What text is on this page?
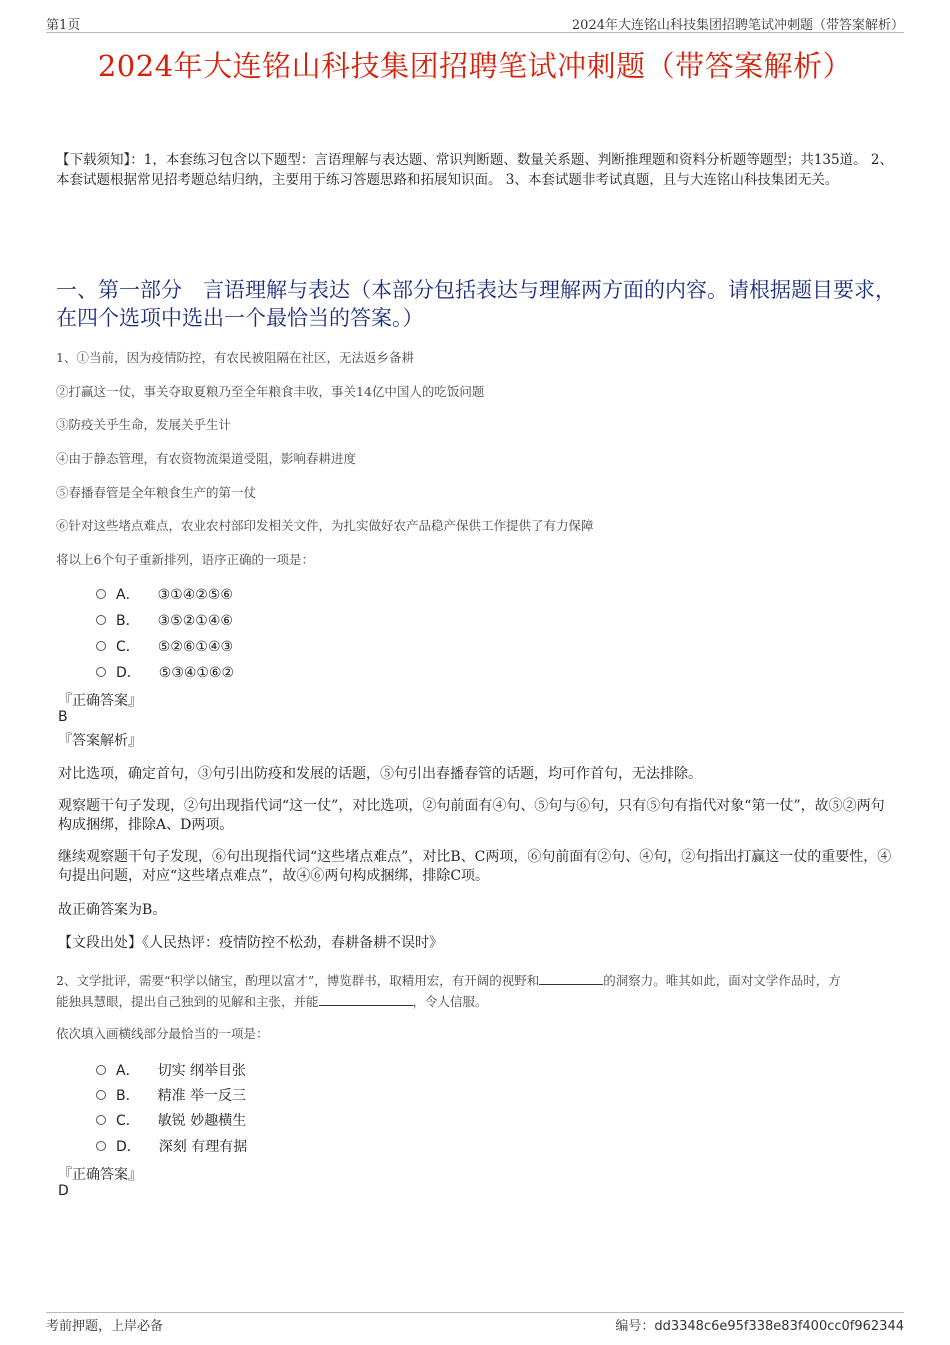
第1页	2024年大连铭山科技集团招聘笔试冲刺题（带答案解析）
2024年大连铭山科技集团招聘笔试冲刺题（带答案解析）
【下载须知】：1，本套练习包含以下题型：言语理解与表达题、常识判断题、数量关系题、判断推理题和资料分析题等题型；共135道。 2、本套试题根据常见招考题总结归纳，主要用于练习答题思路和拓展知识面。 3、本套试题非考试真题，且与大连铭山科技集团无关。
一、第一部分　言语理解与表达（本部分包括表达与理解两方面的内容。请根据题目要求，在四个选项中选出一个最恰当的答案。）
1、①当前，因为疫情防控，有农民被阻隔在社区，无法返乡备耕
②打赢这一仗，事关夺取夏粮乃至全年粮食丰收，事关14亿中国人的吃饭问题
③防疫关乎生命，发展关乎生计
④由于静态管理，有农资物流渠道受阻，影响春耕进度
⑤春播春管是全年粮食生产的第一仗
⑥针对这些堵点难点，农业农村部印发相关文件，为扎实做好农产品稳产保供工作提供了有力保障
将以上6个句子重新排列，语序正确的一项是：
A． ③①④②⑤⑥
B． ③⑤②①④⑥
C． ⑤②⑥①④③
D． ⑤③④①⑥②
『正确答案』
B
『答案解析』
对比选项，确定首句，③句引出防疫和发展的话题，⑤句引出春播春管的话题，均可作首句，无法排除。
观察题干句子发现，②句出现指代词“这一仗”，对比选项，②句前面有④句、⑤句与⑥句，只有⑤句有指代对象“第一仗”，故⑤②两句构成捆绑，排除A、D两项。
继续观察题干句子发现，⑥句出现指代词“这些堵点难点”，对比B、C两项，⑥句前面有②句、④句，②句指出打赢这一仗的重要性，④句提出问题，对应“这些堵点难点”，故④⑥两句构成捆绑，排除C项。
故正确答案为B。
【文段出处】《人民热评：疫情防控不松劲，春耕备耕不误时》
2、文学批评，需要“积学以储宝，酌理以富才”，博览群书，取精用宏，有开阔的视野和	的洞察力。唯其如此，面对文学作品时，方
能独具慧眼，提出自己独到的见解和主张，并能	，令人信服。
依次填入画横线部分最恰当的一项是：
A． 切实 纲举目张
B． 精准 举一反三
C． 敏锐 妙趣横生
D． 深刻 有理有据
『正确答案』
D
考前押题，上岸必备	编号：dd3348c6e95f338e83f400cc0f962344
